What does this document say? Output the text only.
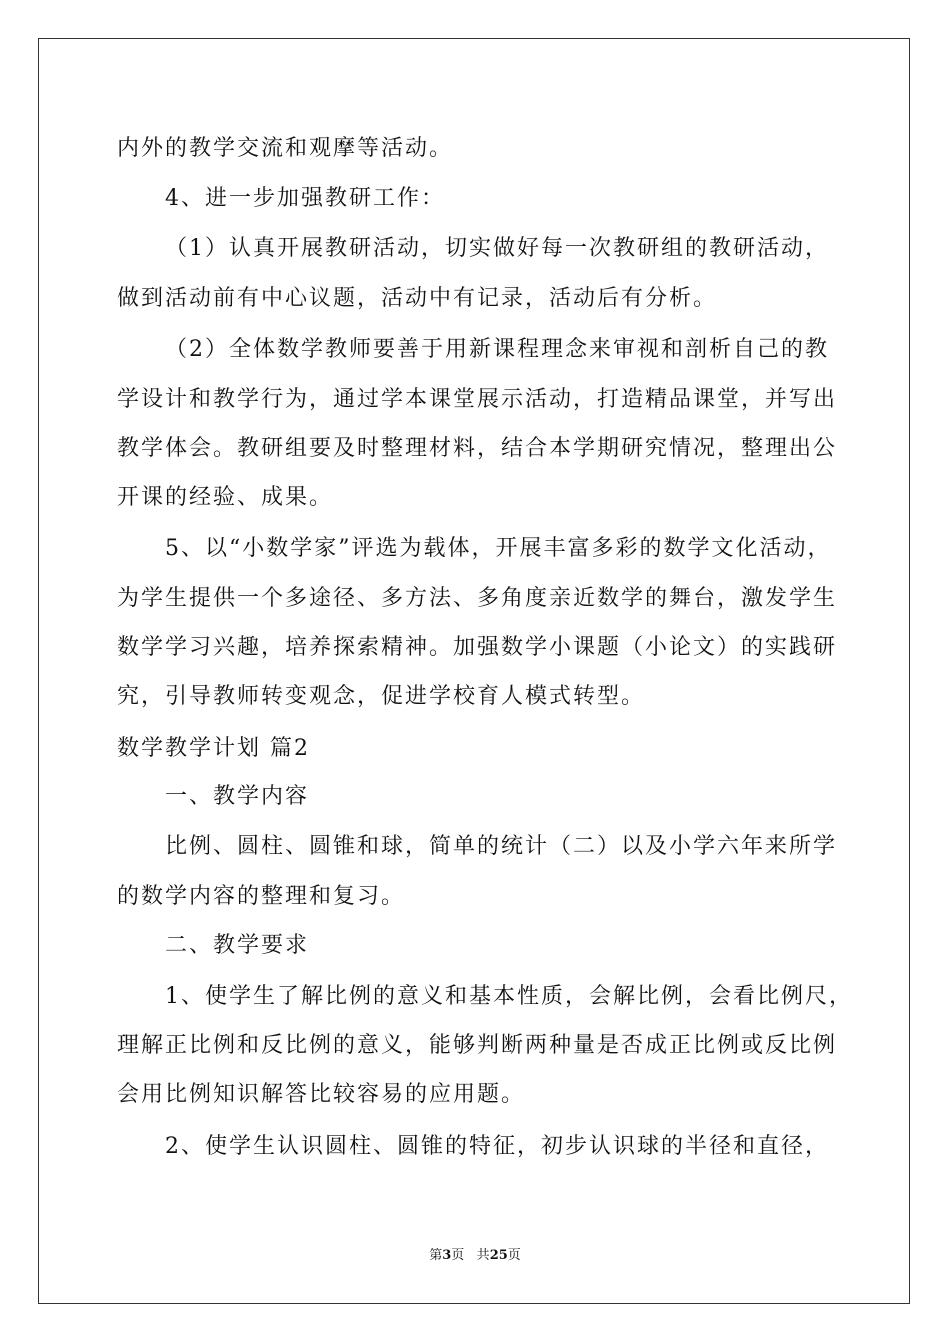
内外的教学交流和观摩等活动。
4、进一步加强教研工作：
（1）认真开展教研活动，切实做好每一次教研组的教研活动，
做到活动前有中心议题，活动中有记录，活动后有分析。
（2）全体数学教师要善于用新课程理念来审视和剖析自己的教
学设计和教学行为，通过学本课堂展示活动，打造精品课堂，并写出
教学体会。教研组要及时整理材料，结合本学期研究情况，整理出公
开课的经验、成果。
5、以“小数学家”评选为载体，开展丰富多彩的数学文化活动，
为学生提供一个多途径、多方法、多角度亲近数学的舞台，激发学生
数学学习兴趣，培养探索精神。加强数学小课题（小论文）的实践研
究，引导教师转变观念，促进学校育人模式转型。
数学教学计划 篇2
一、教学内容
比例、圆柱、圆锥和球，简单的统计（二）以及小学六年来所学
的数学内容的整理和复习。
二、教学要求
1、使学生了解比例的意义和基本性质，会解比例，会看比例尺，
理解正比例和反比例的意义，能够判断两种量是否成正比例或反比例
会用比例知识解答比较容易的应用题。
2、使学生认识圆柱、圆锥的特征，初步认识球的半径和直径，
第3页 共25页
